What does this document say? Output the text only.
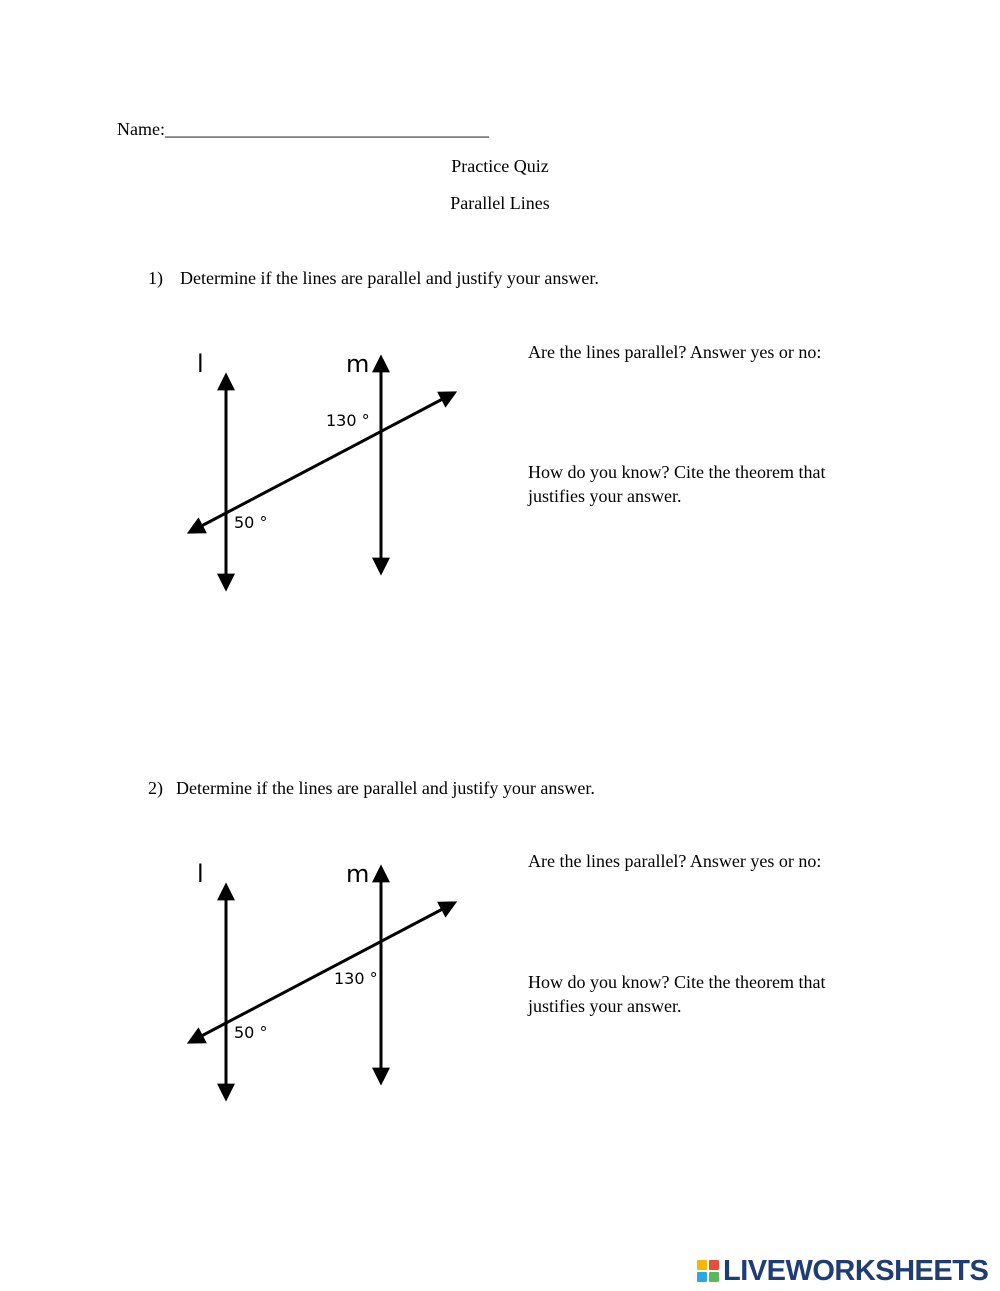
Name:____________________________________
Practice Quiz
Parallel Lines
1) Determine if the lines are parallel and justify your answer.
l	m
130 °
50 °
Are the lines parallel? Answer yes or no:
How do you know? Cite the theorem that justifies your answer.
2) Determine if the lines are parallel and justify your answer.
l	m
130 °
50 °
Are the lines parallel? Answer yes or no:
How do you know? Cite the theorem that justifies your answer.
LIVEWORKSHEETS
